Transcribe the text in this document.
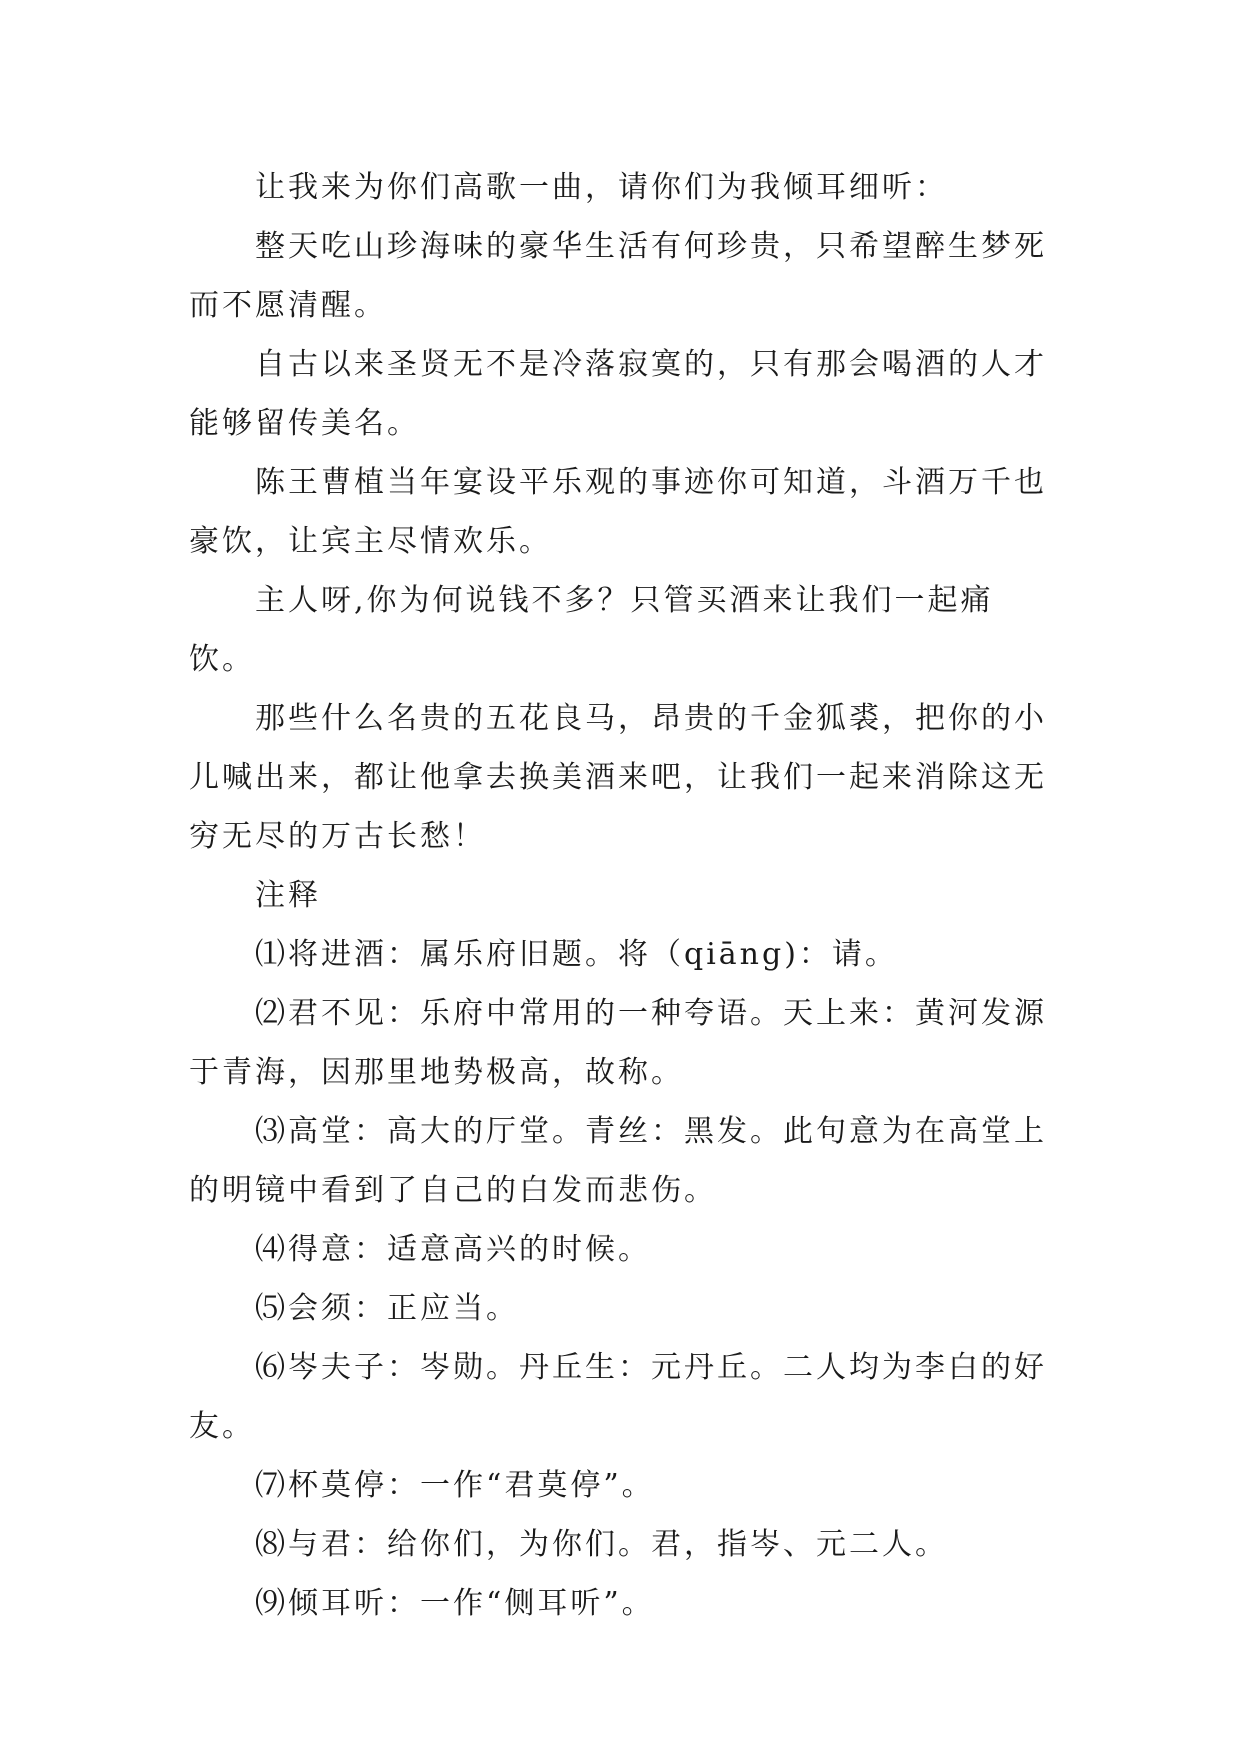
让我来为你们高歌一曲，请你们为我倾耳细听：

整天吃山珍海味的豪华生活有何珍贵，只希望醉生梦死而不愿清醒。

自古以来圣贤无不是冷落寂寞的，只有那会喝酒的人才能够留传美名。

陈王曹植当年宴设平乐观的事迹你可知道，斗酒万千也豪饮，让宾主尽情欢乐。

主人呀,你为何说钱不多？只管买酒来让我们一起痛饮。

那些什么名贵的五花良马，昂贵的千金狐裘，把你的小儿喊出来，都让他拿去换美酒来吧，让我们一起来消除这无穷无尽的万古长愁！

注释

⑴将进酒：属乐府旧题。将（qiāng)：请。

⑵君不见：乐府中常用的一种夸语。天上来：黄河发源于青海，因那里地势极高，故称。

⑶高堂：高大的厅堂。青丝：黑发。此句意为在高堂上的明镜中看到了自己的白发而悲伤。

⑷得意：适意高兴的时候。

⑸会须：正应当。

⑹岑夫子：岑勋。丹丘生：元丹丘。二人均为李白的好友。

⑺杯莫停：一作“君莫停”。

⑻与君：给你们，为你们。君，指岑、元二人。

⑼倾耳听：一作“侧耳听”。
